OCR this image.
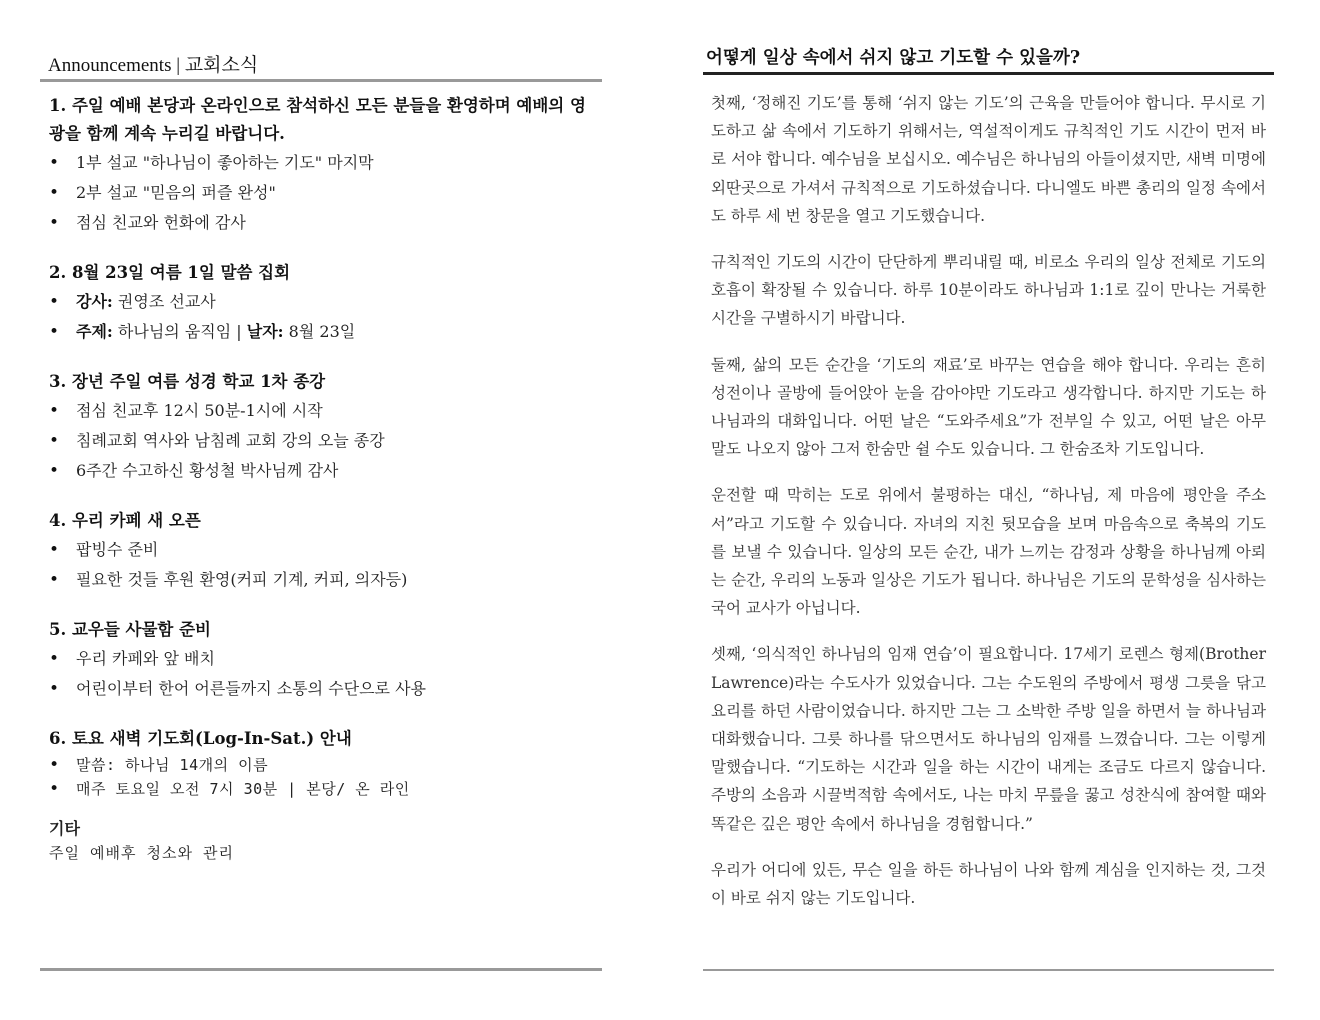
Announcements | 교회소식
1. 주일 예배 본당과 온라인으로 참석하신 모든 분들을 환영하며 예배의 영광을 함께 계속 누리길 바랍니다.
• 1부 설교 "하나님이 좋아하는 기도" 마지막
• 2부 설교 "믿음의 퍼즐 완성"
• 점심 친교와 헌화에 감사
2. 8월 23일 여름 1일 말씀 집회
• 강사: 권영조 선교사
• 주제: 하나님의 움직임 | 날자: 8월 23일
3. 장년 주일 여름 성경 학교 1차 종강
• 점심 친교후 12시 50분-1시에 시작
• 침례교회 역사와 남침례 교회 강의 오늘 종강
• 6주간 수고하신 황성철 박사님께 감사
4. 우리 카페 새 오픈
• 팝빙수 준비
• 필요한 것들 후원 환영(커피 기계, 커피, 의자등)
5. 교우들 사물함 준비
• 우리 카페와 앞 배치
• 어린이부터 한어 어른들까지 소통의 수단으로 사용
6. 토요 새벽 기도회(Log-In-Sat.) 안내
• 말씀: 하나님 14개의 이름
• 매주 토요일 오전 7시 30분 | 본당/ 온 라인
기타
주일 예배후 청소와 관리
어떻게 일상 속에서 쉬지 않고 기도할 수 있을까?

첫째, ‘정해진 기도’를 통해 ‘쉬지 않는 기도’의 근육을 만들어야 합니다. 무시로 기도하고 삶 속에서 기도하기 위해서는, 역설적이게도 규칙적인 기도 시간이 먼저 바로 서야 합니다. 예수님을 보십시오. 예수님은 하나님의 아들이셨지만, 새벽 미명에 외딴곳으로 가셔서 규칙적으로 기도하셨습니다. 다니엘도 바쁜 총리의 일정 속에서도 하루 세 번 창문을 열고 기도했습니다.

규칙적인 기도의 시간이 단단하게 뿌리내릴 때, 비로소 우리의 일상 전체로 기도의 호흡이 확장될 수 있습니다. 하루 10분이라도 하나님과 1:1로 깊이 만나는 거룩한 시간을 구별하시기 바랍니다.

둘째, 삶의 모든 순간을 ‘기도의 재료’로 바꾸는 연습을 해야 합니다. 우리는 흔히 성전이나 골방에 들어앉아 눈을 감아야만 기도라고 생각합니다. 하지만 기도는 하나님과의 대화입니다. 어떤 날은 “도와주세요”가 전부일 수 있고, 어떤 날은 아무 말도 나오지 않아 그저 한숨만 쉴 수도 있습니다. 그 한숨조차 기도입니다.

운전할 때 막히는 도로 위에서 불평하는 대신, “하나님, 제 마음에 평안을 주소서”라고 기도할 수 있습니다. 자녀의 지친 뒷모습을 보며 마음속으로 축복의 기도를 보낼 수 있습니다. 일상의 모든 순간, 내가 느끼는 감정과 상황을 하나님께 아뢰는 순간, 우리의 노동과 일상은 기도가 됩니다. 하나님은 기도의 문학성을 심사하는 국어 교사가 아닙니다.

셋째, ‘의식적인 하나님의 임재 연습’이 필요합니다. 17세기 로렌스 형제(Brother Lawrence)라는 수도사가 있었습니다. 그는 수도원의 주방에서 평생 그릇을 닦고 요리를 하던 사람이었습니다. 하지만 그는 그 소박한 주방 일을 하면서 늘 하나님과 대화했습니다. 그릇 하나를 닦으면서도 하나님의 임재를 느꼈습니다. 그는 이렇게 말했습니다. “기도하는 시간과 일을 하는 시간이 내게는 조금도 다르지 않습니다. 주방의 소음과 시끌벅적함 속에서도, 나는 마치 무릎을 꿇고 성찬식에 참여할 때와 똑같은 깊은 평안 속에서 하나님을 경험합니다.”

우리가 어디에 있든, 무슨 일을 하든 하나님이 나와 함께 계심을 인지하는 것, 그것이 바로 쉬지 않는 기도입니다.
